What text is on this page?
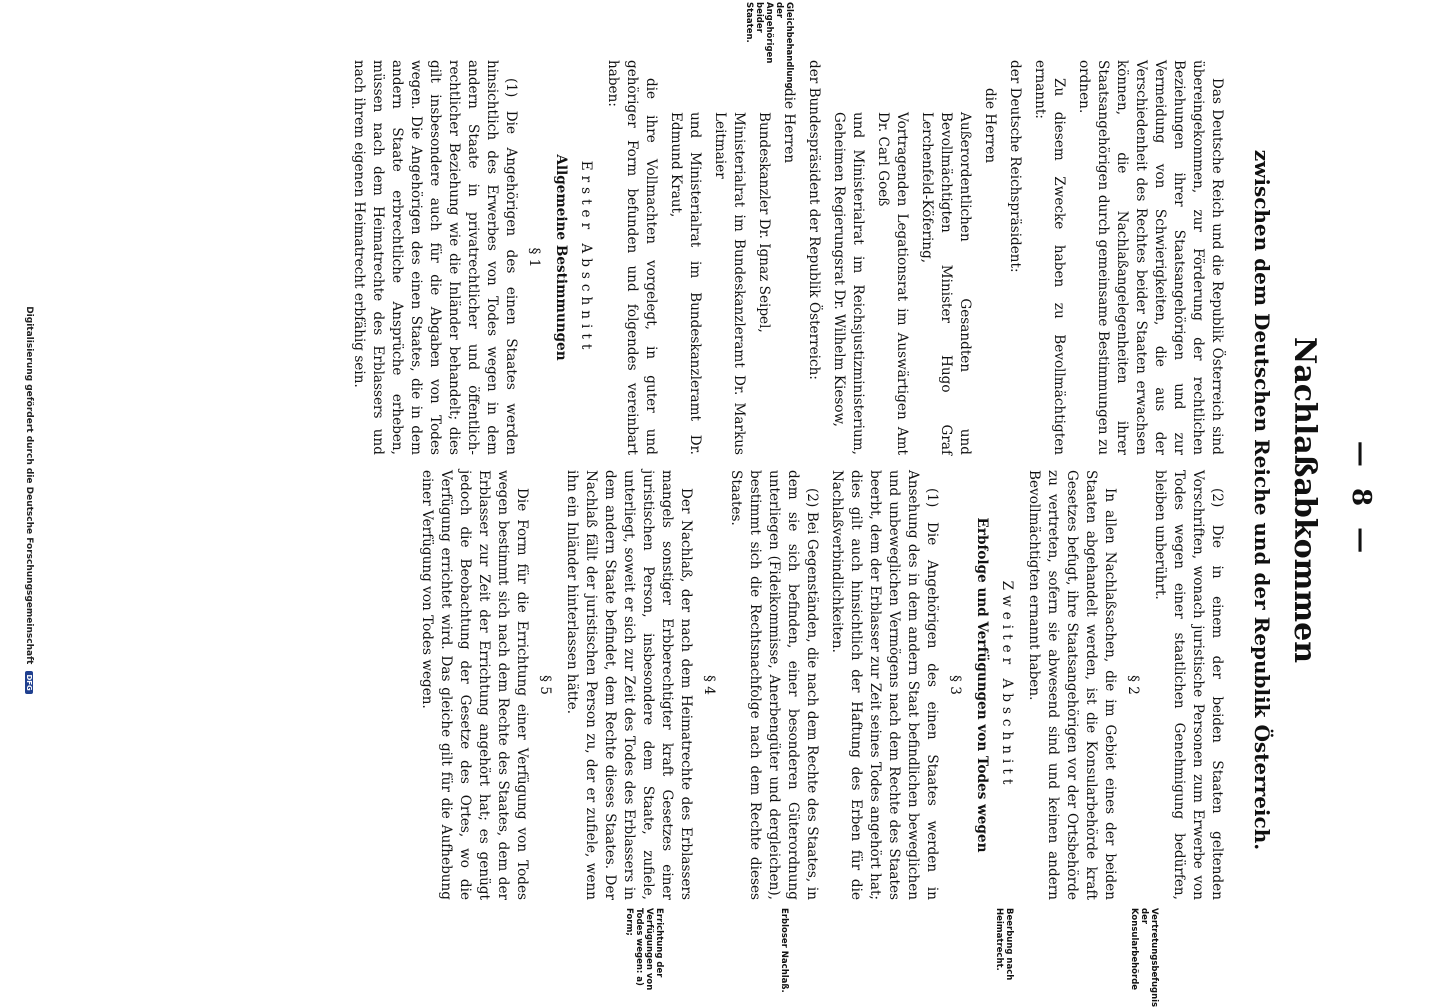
— 8 —
Nachlaßabkommen
zwischen dem Deutschen Reiche und der Republik Österreich.

Das Deutsche Reich und die Republik Österreich sind übereingekommen, zur Förderung der rechtlichen Beziehungen ihrer Staatsangehörigen und zur Vermeidung von Schwierigkeiten, die aus der Verschiedenheit des Rechtes beider Staaten erwachsen können, die Nachlaßangelegenheiten ihrer Staatsangehörigen durch gemeinsame Bestimmungen zu ordnen.

Zu diesem Zwecke haben zu Bevollmächtigten ernannt:

der Deutsche Reichspräsident:

die Herren

Außerordentlichen Gesandten und Bevollmächtigten Minister Hugo Graf Lerchenfeld-Köfering,

Vortragenden Legationsrat im Auswärtigen Amt Dr. Carl Goeß

und Ministerialrat im Reichsjustizministerium, Geheimen Regierungsrat Dr. Wilhelm Kiesow,

der Bundespräsident der Republik Österreich:

die Herren

Bundeskanzler Dr. Ignaz Seipel,

Ministerialrat im Bundeskanzleramt Dr. Markus Leitmaier

und Ministerialrat im Bundeskanzleramt Dr. Edmund Kraut,

die ihre Vollmachten vorgelegt, in guter und gehöriger Form befunden und folgendes vereinbart haben:

Erster Abschnitt

Allgemeine Bestimmungen

§ 1

(1) Die Angehörigen des einen Staates werden hinsichtlich des Erwerbes von Todes wegen in dem andern Staate in privatrechtlicher und öffentlich-rechtlicher Beziehung wie die Inländer behandelt; dies gilt insbesondere auch für die Abgaben von Todes wegen. Die Angehörigen des einen Staates, die in dem andern Staate erbrechtliche Ansprüche erheben, müssen nach dem Heimatrechte des Erblassers und nach ihrem eigenen Heimatrecht erbfähig sein.

(2) Die in einem der beiden Staaten geltenden Vorschriften, wonach juristische Personen zum Erwerbe von Todes wegen einer staatlichen Genehmigung bedürfen, bleiben unberührt.

§ 2

In allen Nachlaßsachen, die im Gebiet eines der beiden Staaten abgehandelt werden, ist die Konsularbehörde kraft Gesetzes befugt, ihre Staatsangehörigen vor der Ortsbehörde zu vertreten, sofern sie abwesend sind und keinen andern Bevollmächtigten ernannt haben.

Zweiter Abschnitt

Erbfolge und Verfügungen von Todes wegen

§ 3

(1) Die Angehörigen des einen Staates werden in Ansehung des in dem andern Staat befindlichen beweglichen und unbeweglichen Vermögens nach dem Rechte des Staates beerbt, dem der Erblasser zur Zeit seines Todes angehört hat; dies gilt auch hinsichtlich der Haftung des Erben für die Nachlaßverbindlichkeiten.

(2) Bei Gegenständen, die nach dem Rechte des Staates, in dem sie sich befinden, einer besonderen Güterordnung unterliegen (Fideikommisse, Anerbengüter und dergleichen), bestimmt sich die Rechtsnachfolge nach dem Rechte dieses Staates.

§ 4

Der Nachlaß, der nach dem Heimatrechte des Erblassers mangels sonstiger Erbberechtigter kraft Gesetzes einer juristischen Person, insbesondere dem Staate, zufiele, unterliegt, soweit er sich zur Zeit des Todes des Erblassers in dem andern Staate befindet, dem Rechte dieses Staates. Der Nachlaß fällt der juristischen Person zu, der er zufiele, wenn ihn ein Inländer hinterlassen hätte.

§ 5

Die Form für die Errichtung einer Verfügung von Todes wegen bestimmt sich nach dem Rechte des Staates, dem der Erblasser zur Zeit der Errichtung angehört hat; es genügt jedoch die Beobachtung der Gesetze des Ortes, wo die Verfügung errichtet wird. Das gleiche gilt für die Aufhebung einer Verfügung von Todes wegen.

Gleichbehandlung der Angehörigen beider Staaten.
Vertretungsbefugnis der Konsularbehörde
Beerbung nach Heimatrecht.
Erbloser Nachlaß.
Errichtung der Verfügungen von Todes wegen: a) Form;
Digitalisierung gefördert durch die Deutsche Forschungsgemeinschaft DFG
